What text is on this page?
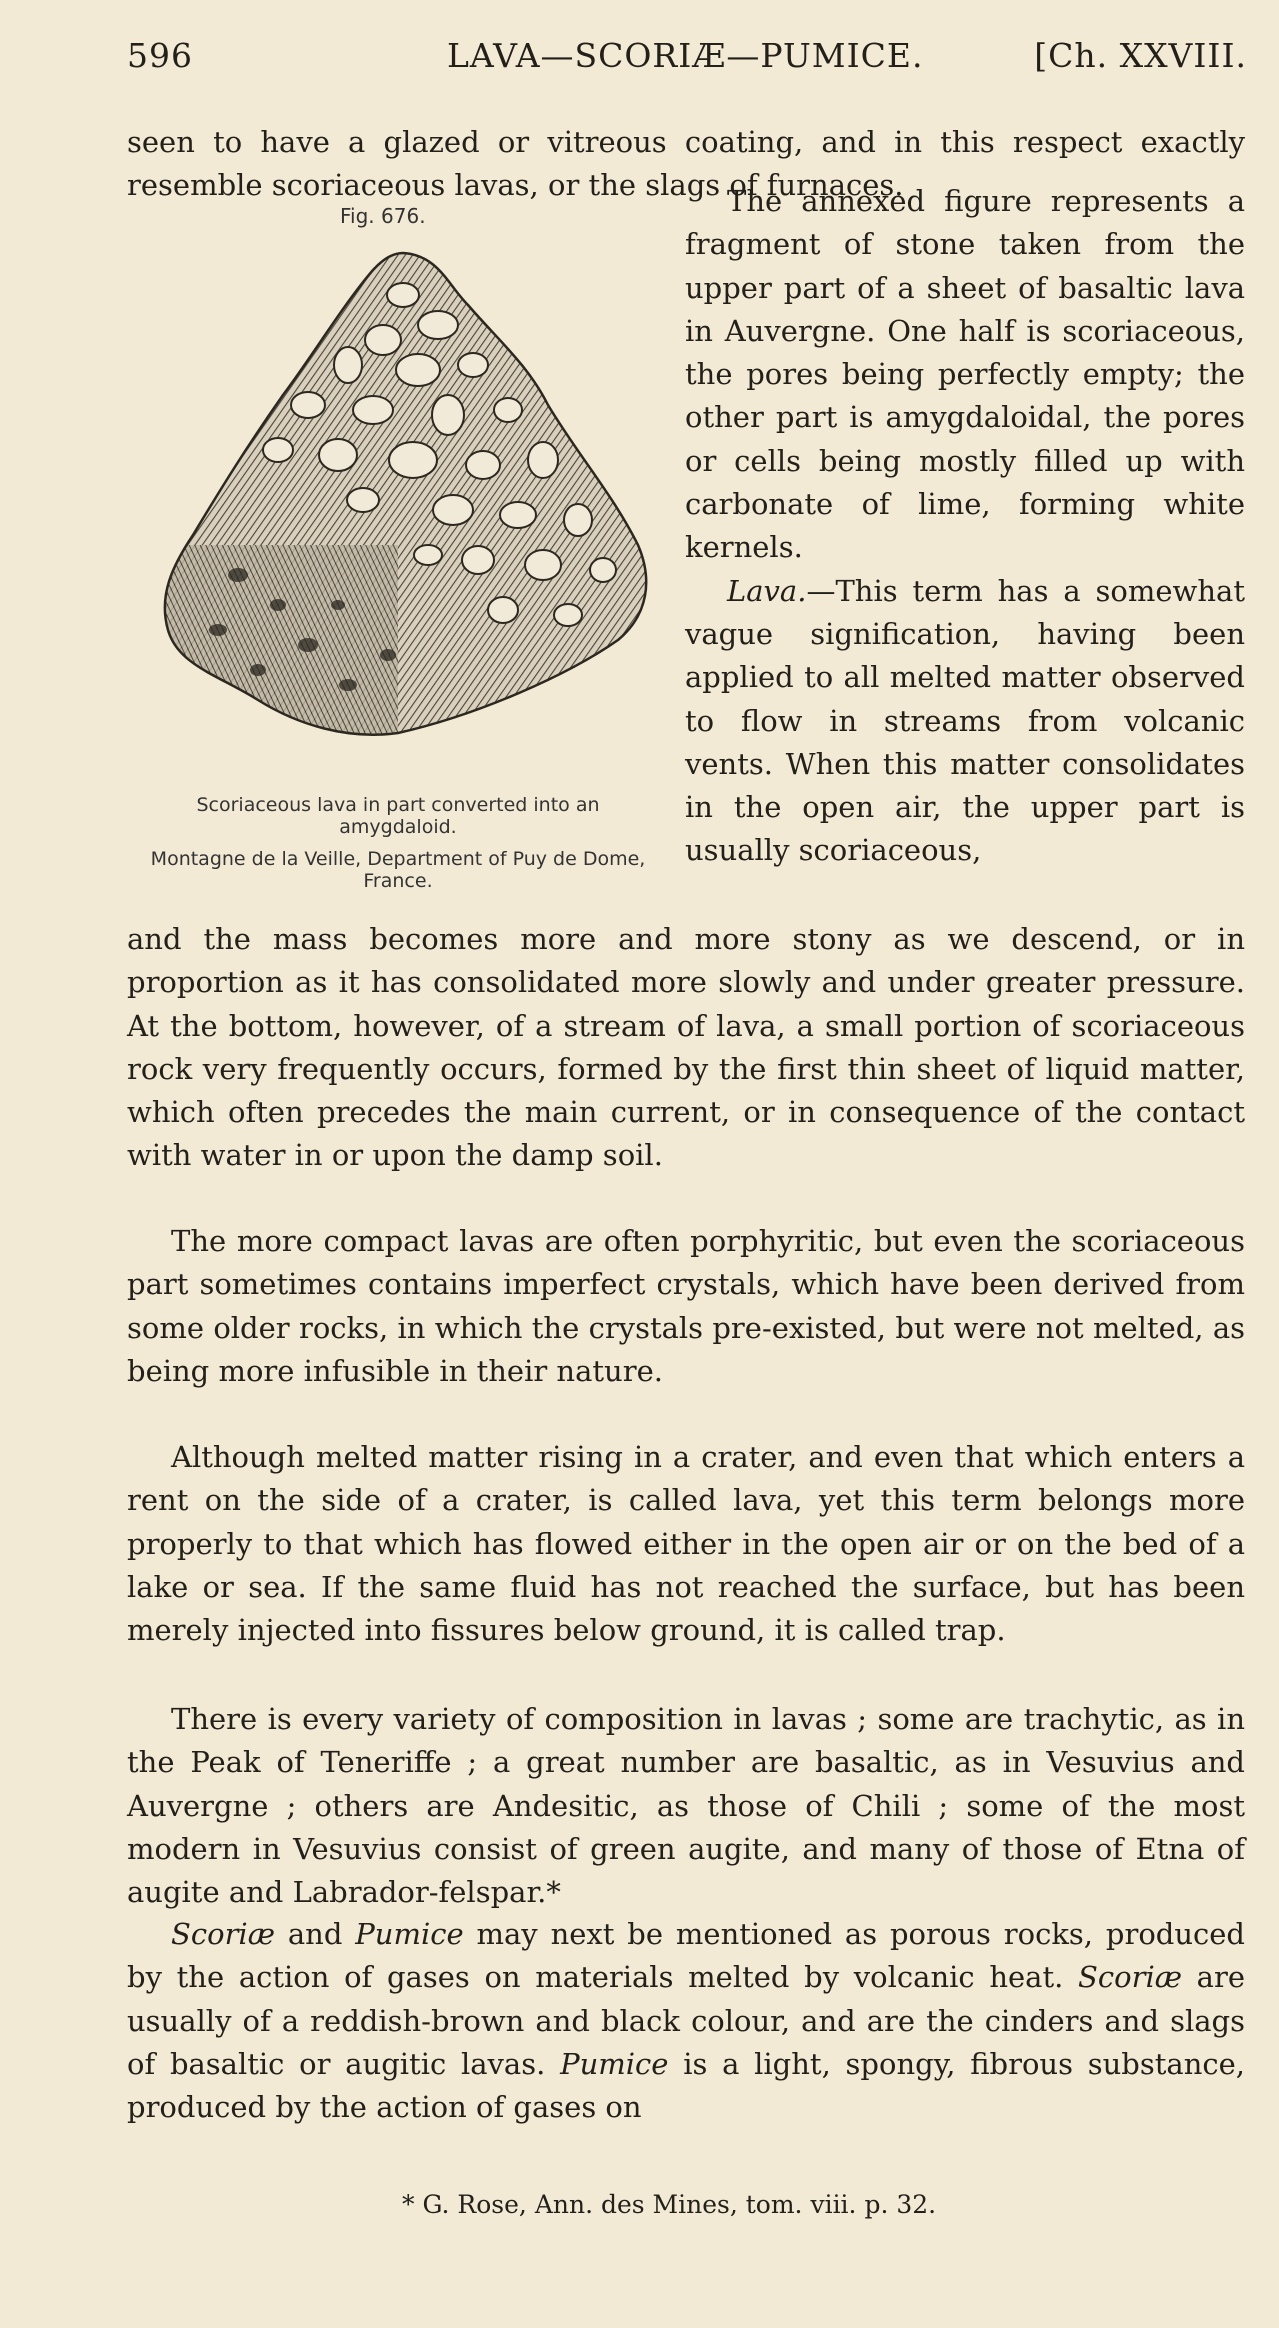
596	LAVA—SCORIÆ—PUMICE.	[Ch. XXVIII.

seen to have a glazed or vitreous coating, and in this respect exactly resemble scoriaceous lavas, or the slags of furnaces.

Fig. 676.
Scoriaceous lava in part converted into an amygdaloid.
Montagne de la Veille, Department of Puy de Dome, France.

The annexed figure represents a fragment of stone taken from the upper part of a sheet of basaltic lava in Auvergne. One half is scoriaceous, the pores being perfectly empty; the other part is amygdaloidal, the pores or cells being mostly filled up with carbonate of lime, forming white kernels.

Lava.—This term has a somewhat vague signification, having been applied to all melted matter observed to flow in streams from volcanic vents. When this matter consolidates in the open air, the upper part is usually scoriaceous,

and the mass becomes more and more stony as we descend, or in proportion as it has consolidated more slowly and under greater pressure. At the bottom, however, of a stream of lava, a small portion of scoriaceous rock very frequently occurs, formed by the first thin sheet of liquid matter, which often precedes the main current, or in consequence of the contact with water in or upon the damp soil.

The more compact lavas are often porphyritic, but even the scoriaceous part sometimes contains imperfect crystals, which have been derived from some older rocks, in which the crystals pre-existed, but were not melted, as being more infusible in their nature.

Although melted matter rising in a crater, and even that which enters a rent on the side of a crater, is called lava, yet this term belongs more properly to that which has flowed either in the open air or on the bed of a lake or sea. If the same fluid has not reached the surface, but has been merely injected into fissures below ground, it is called trap.

There is every variety of composition in lavas ; some are trachytic, as in the Peak of Teneriffe ; a great number are basaltic, as in Vesuvius and Auvergne ; others are Andesitic, as those of Chili ; some of the most modern in Vesuvius consist of green augite, and many of those of Etna of augite and Labrador-felspar.*

Scoriæ and Pumice may next be mentioned as porous rocks, produced by the action of gases on materials melted by volcanic heat. Scoriæ are usually of a reddish-brown and black colour, and are the cinders and slags of basaltic or augitic lavas. Pumice is a light, spongy, fibrous substance, produced by the action of gases on

* G. Rose, Ann. des Mines, tom. viii. p. 32.
